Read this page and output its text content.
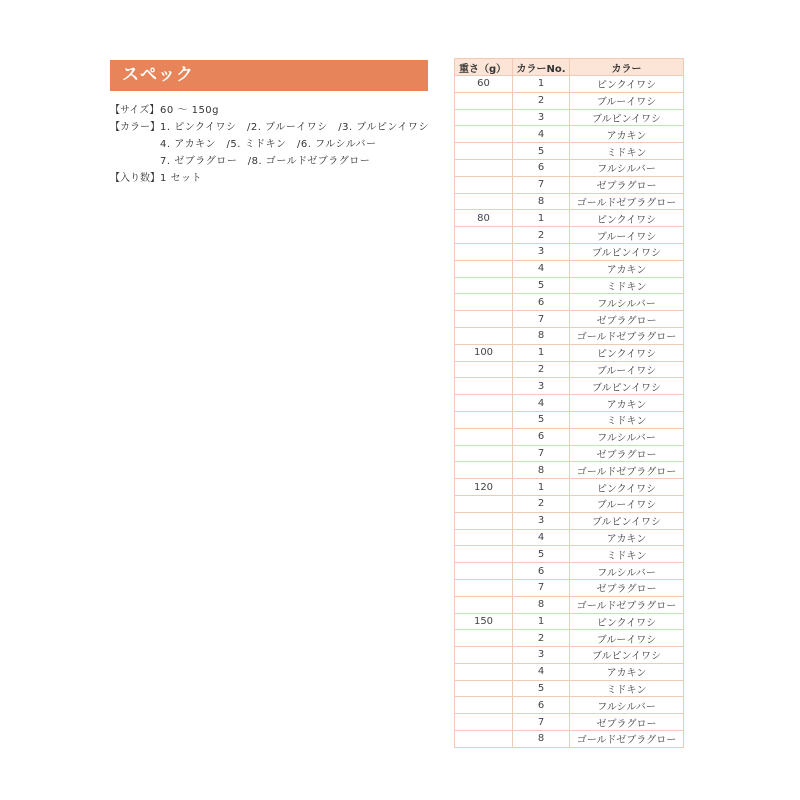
スペック
【サイズ】 60 〜 150g
【カラー】 1. ピンクイワシ　/2. ブルーイワシ　/3. ブルピンイワシ
4. アカキン　/5. ミドキン　/6. フルシルバー
7. ゼブラグロー　/8. ゴールドゼブラグロー
【入り数】 1 セット
重さ（g）	カラーNo.	カラー
60	1	ピンクイワシ
	2	ブルーイワシ
	3	ブルピンイワシ
	4	アカキン
	5	ミドキン
	6	フルシルバー
	7	ゼブラグロー
	8	ゴールドゼブラグロー
80	1	ピンクイワシ
	2	ブルーイワシ
	3	ブルピンイワシ
	4	アカキン
	5	ミドキン
	6	フルシルバー
	7	ゼブラグロー
	8	ゴールドゼブラグロー
100	1	ピンクイワシ
	2	ブルーイワシ
	3	ブルピンイワシ
	4	アカキン
	5	ミドキン
	6	フルシルバー
	7	ゼブラグロー
	8	ゴールドゼブラグロー
120	1	ピンクイワシ
	2	ブルーイワシ
	3	ブルピンイワシ
	4	アカキン
	5	ミドキン
	6	フルシルバー
	7	ゼブラグロー
	8	ゴールドゼブラグロー
150	1	ピンクイワシ
	2	ブルーイワシ
	3	ブルピンイワシ
	4	アカキン
	5	ミドキン
	6	フルシルバー
	7	ゼブラグロー
	8	ゴールドゼブラグロー
